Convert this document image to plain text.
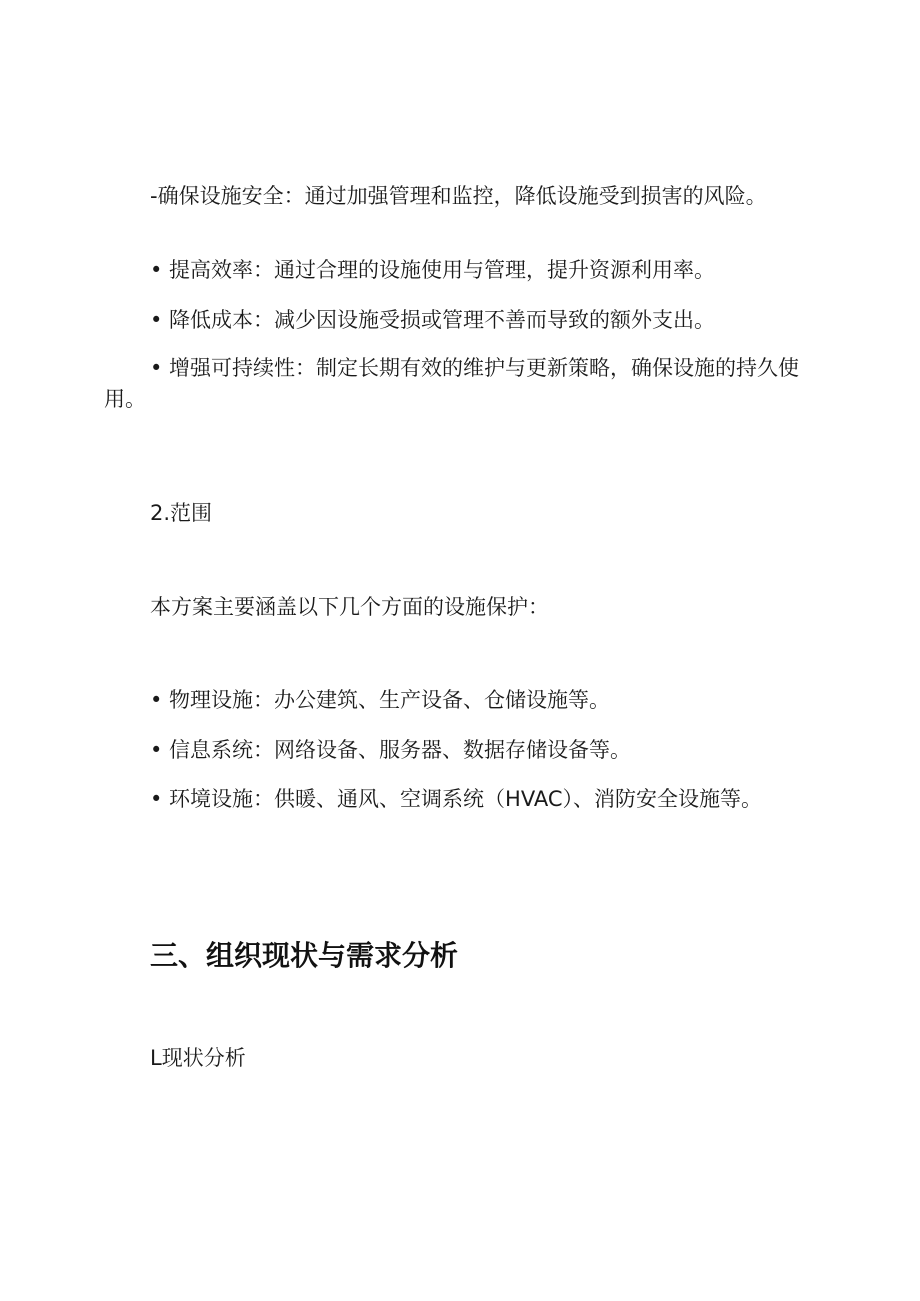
-确保设施安全：通过加强管理和监控，降低设施受到损害的风险。

• 提高效率：通过合理的设施使用与管理，提升资源利用率。

• 降低成本：减少因设施受损或管理不善而导致的额外支出。

• 增强可持续性：制定长期有效的维护与更新策略，确保设施的持久使用。

2.范围

本方案主要涵盖以下几个方面的设施保护：

• 物理设施：办公建筑、生产设备、仓储设施等。

• 信息系统：网络设备、服务器、数据存储设备等。

• 环境设施：供暖、通风、空调系统（HVAC）、消防安全设施等。

三、组织现状与需求分析

L现状分析
